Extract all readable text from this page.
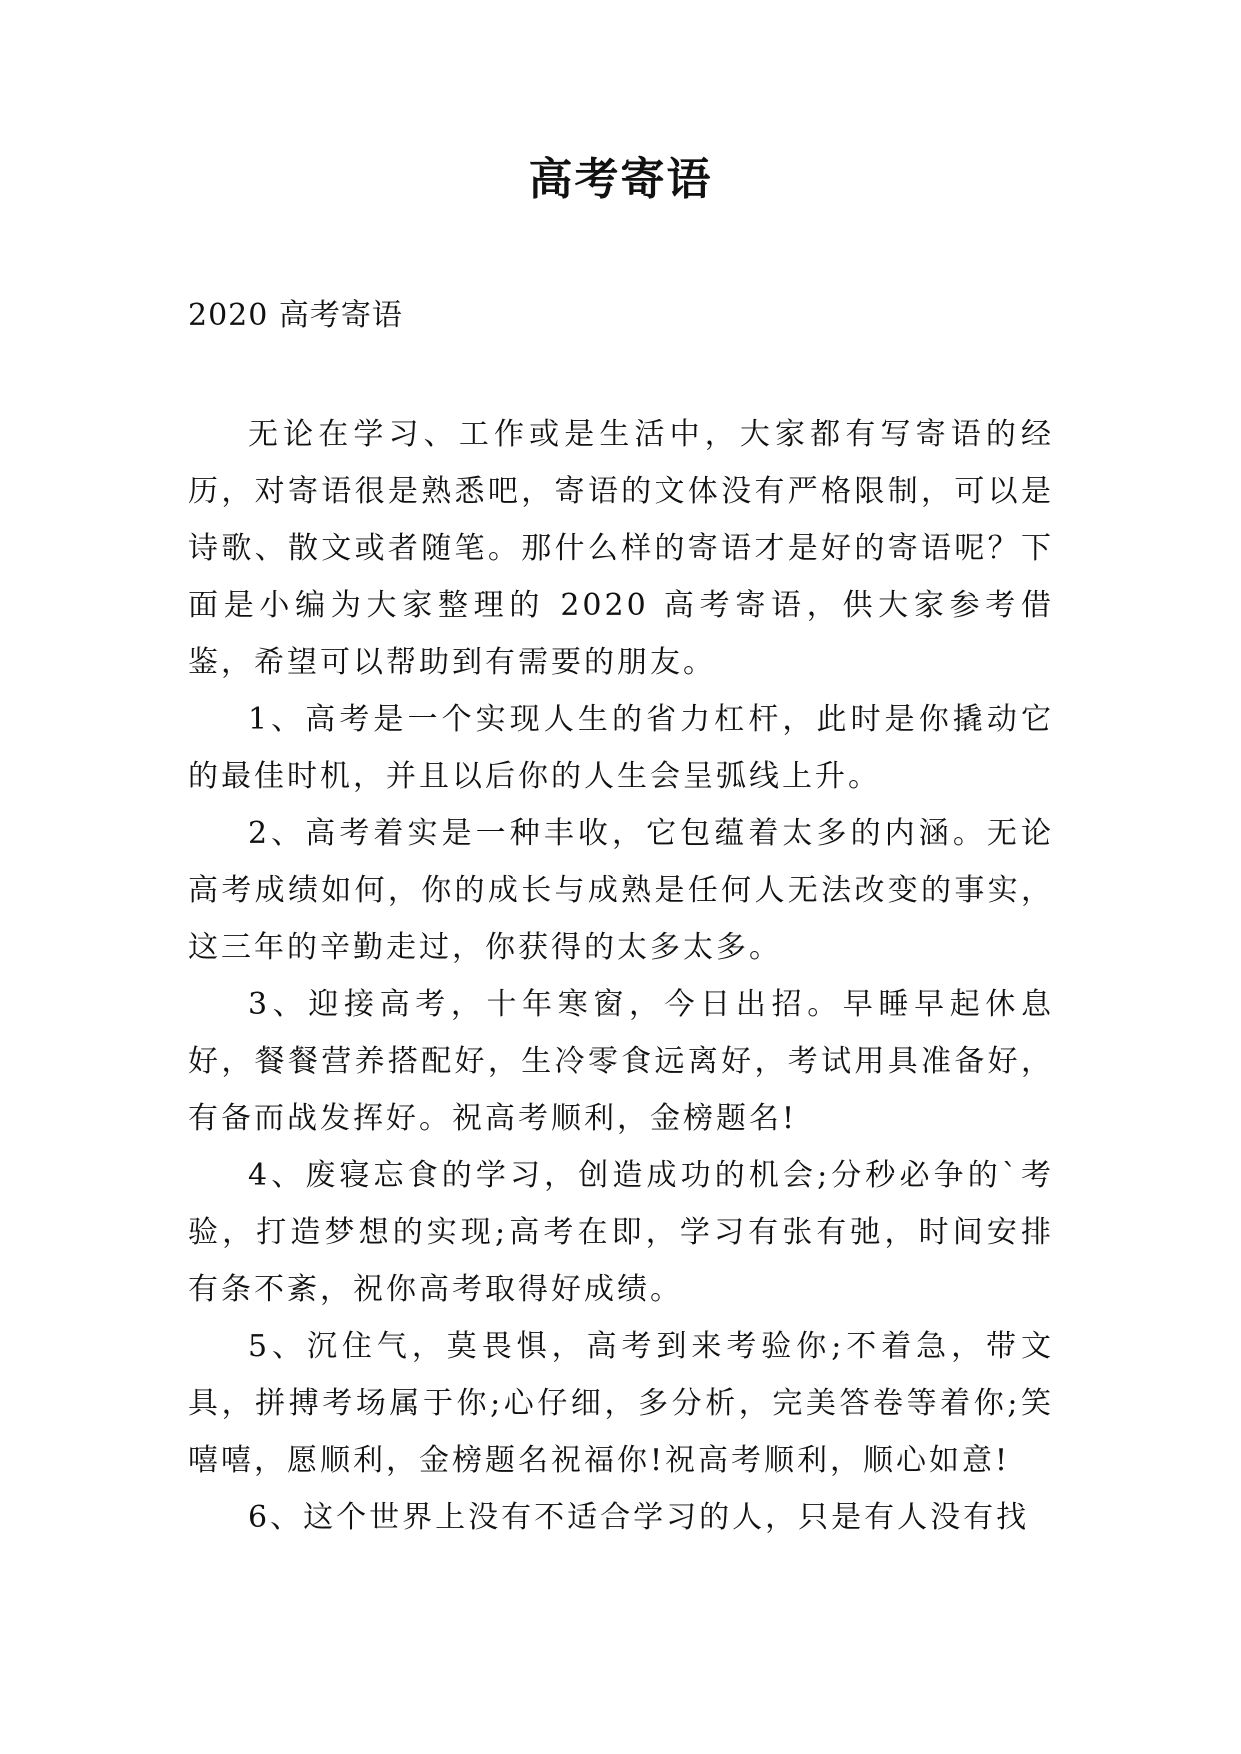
高考寄语

2020 高考寄语

无论在学习、工作或是生活中，大家都有写寄语的经历，对寄语很是熟悉吧，寄语的文体没有严格限制，可以是诗歌、散文或者随笔。那什么样的寄语才是好的寄语呢？下面是小编为大家整理的 2020 高考寄语，供大家参考借鉴，希望可以帮助到有需要的朋友。

1、高考是一个实现人生的省力杠杆，此时是你撬动它的最佳时机，并且以后你的人生会呈弧线上升。

2、高考着实是一种丰收，它包蕴着太多的内涵。无论高考成绩如何，你的成长与成熟是任何人无法改变的事实，这三年的辛勤走过，你获得的太多太多。

3、迎接高考，十年寒窗，今日出招。早睡早起休息好，餐餐营养搭配好，生冷零食远离好，考试用具准备好，有备而战发挥好。祝高考顺利，金榜题名!

4、废寝忘食的学习，创造成功的机会;分秒必争的`考验，打造梦想的实现;高考在即，学习有张有弛，时间安排有条不紊，祝你高考取得好成绩。

5、沉住气，莫畏惧，高考到来考验你;不着急，带文具，拼搏考场属于你;心仔细，多分析，完美答卷等着你;笑嘻嘻，愿顺利，金榜题名祝福你!祝高考顺利，顺心如意!

6、这个世界上没有不适合学习的人，只是有人没有找
